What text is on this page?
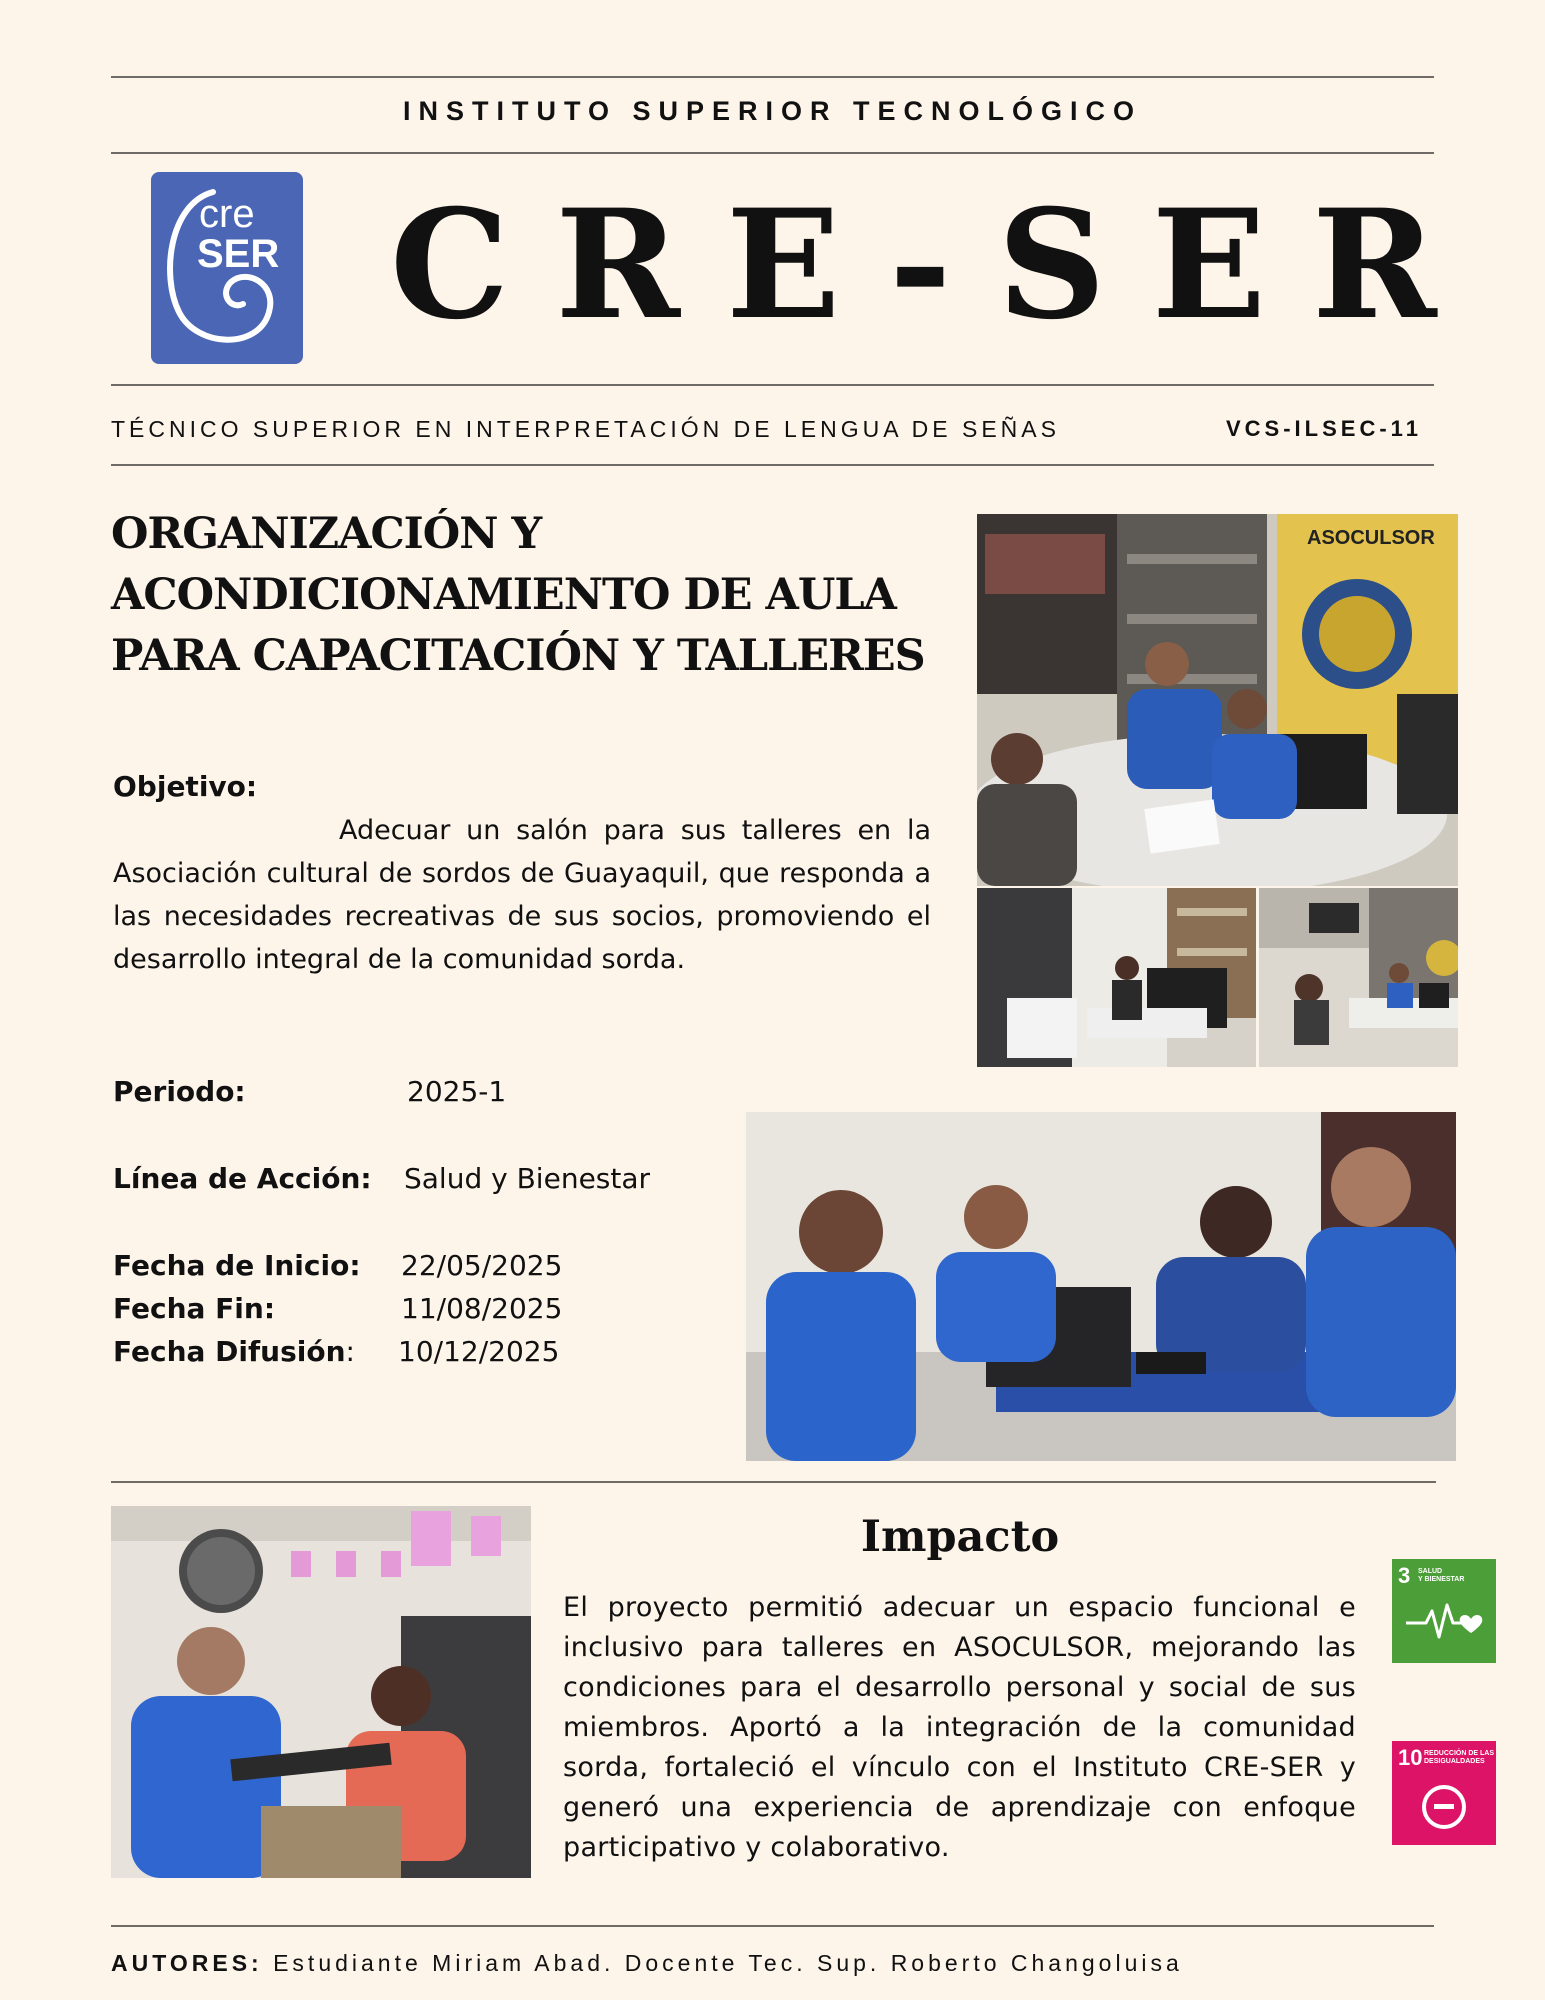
INSTITUTO SUPERIOR TECNOLÓGICO
cre
SER CRE-SER
TÉCNICO SUPERIOR EN INTERPRETACIÓN DE LENGUA DE SEÑAS	VCS-ILSEC-11
ORGANIZACIÓN Y ACONDICIONAMIENTO DE AULA PARA CAPACITACIÓN Y TALLERES
Objetivo:
Adecuar un salón para sus talleres en la Asociación cultural de sordos de Guayaquil, que responda a las necesidades recreativas de sus socios, promoviendo el desarrollo integral de la comunidad sorda.
Periodo:	2025-1
Línea de Acción: Salud y Bienestar
Fecha de Inicio: 22/05/2025
Fecha Fin:	11/08/2025
Fecha Difusión: 10/12/2025
ASOCULSOR
Impacto
El proyecto permitió adecuar un espacio funcional e inclusivo para talleres en ASOCULSOR, mejorando las condiciones para el desarrollo personal y social de sus miembros. Aportó a la integración de la comunidad sorda, fortaleció el vínculo con el Instituto CRE-SER y generó una experiencia de aprendizaje con enfoque participativo y colaborativo.
3 SALUD
Y BIENESTAR
10 REDUCCIÓN DE LAS
DESIGUALDADES
AUTORES: Estudiante Miriam Abad. Docente Tec. Sup. Roberto Changoluisa
